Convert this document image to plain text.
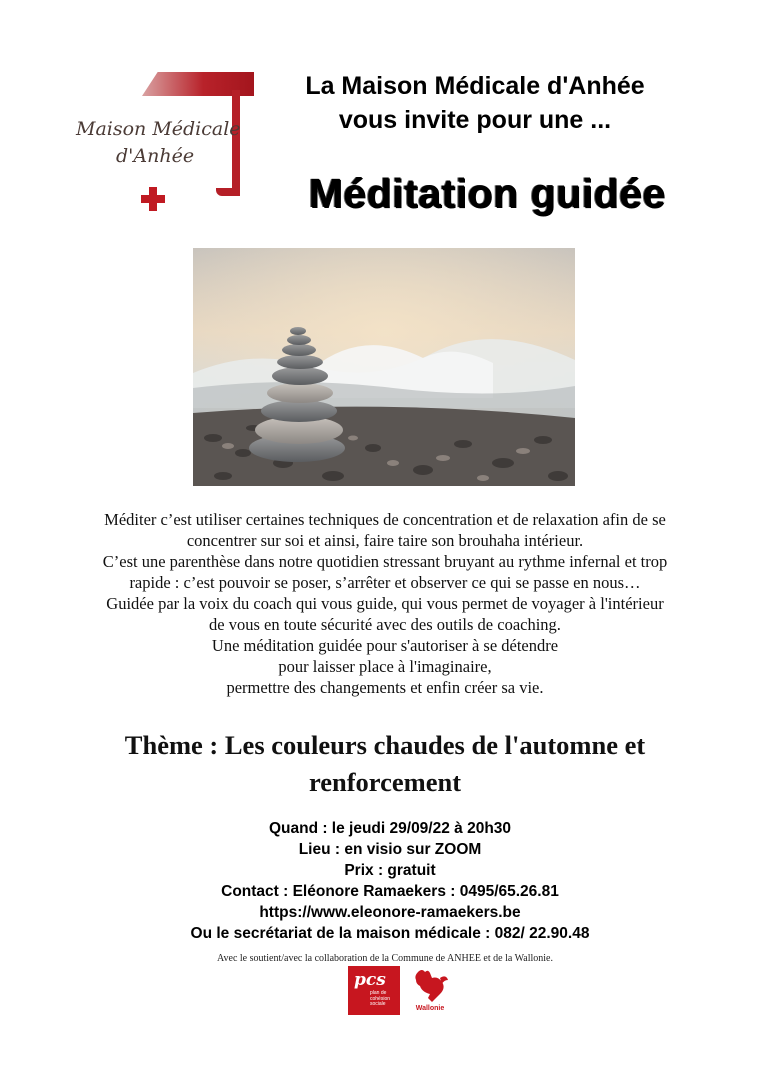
Maison Médicale
d'Anhée
La Maison Médicale d'Anhée
vous invite pour une ...
Méditation guidée
Méditer c’est utiliser certaines techniques de concentration et de relaxation afin de se
concentrer sur soi et ainsi, faire taire son brouhaha intérieur.
C’est une parenthèse dans notre quotidien stressant bruyant au rythme infernal et trop
rapide : c’est pouvoir se poser, s’arrêter et observer ce qui se passe en nous…
Guidée par la voix du coach qui vous guide, qui vous permet de voyager à l'intérieur
de vous en toute sécurité avec des outils de coaching.
Une méditation guidée pour s'autoriser à se détendre
pour laisser place à l'imaginaire,
permettre des changements et enfin créer sa vie.
Thème : Les couleurs chaudes de l'automne et
renforcement
Quand : le jeudi 29/09/22 à 20h30
Lieu : en visio sur ZOOM
Prix : gratuit
Contact : Eléonore Ramaekers : 0495/65.26.81
https://www.eleonore-ramaekers.be
Ou le secrétariat de la maison médicale : 082/ 22.90.48
Avec le soutient/avec la collaboration de la Commune de ANHEE et de la Wallonie.
pcs
plan de cohésion sociale
Wallonie
